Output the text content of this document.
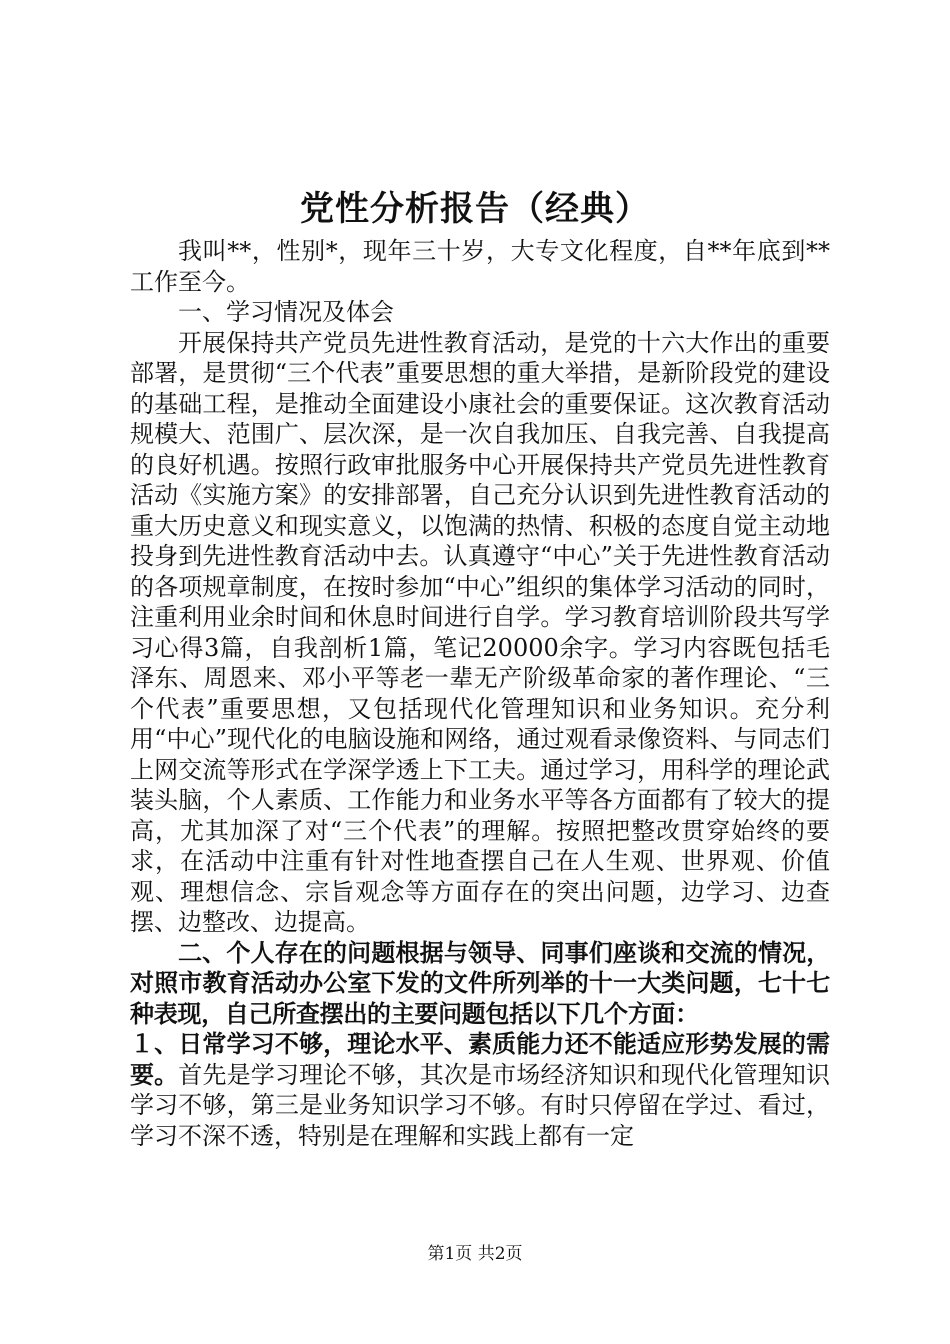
党性分析报告（经典）

我叫**，性别*，现年三十岁，大专文化程度，自**年底到**工作至今。

一、学习情况及体会

开展保持共产党员先进性教育活动，是党的十六大作出的重要部署，是贯彻“三个代表”重要思想的重大举措，是新阶段党的建设的基础工程，是推动全面建设小康社会的重要保证。这次教育活动规模大、范围广、层次深，是一次自我加压、自我完善、自我提高的良好机遇。按照行政审批服务中心开展保持共产党员先进性教育活动《实施方案》的安排部署，自己充分认识到先进性教育活动的重大历史意义和现实意义，以饱满的热情、积极的态度自觉主动地投身到先进性教育活动中去。认真遵守“中心”关于先进性教育活动的各项规章制度，在按时参加“中心”组织的集体学习活动的同时，注重利用业余时间和休息时间进行自学。学习教育培训阶段共写学习心得3篇，自我剖析1篇，笔记20000余字。学习内容既包括毛泽东、周恩来、邓小平等老一辈无产阶级革命家的著作理论、“三个代表”重要思想，又包括现代化管理知识和业务知识。充分利用“中心”现代化的电脑设施和网络，通过观看录像资料、与同志们上网交流等形式在学深学透上下工夫。通过学习，用科学的理论武装头脑，个人素质、工作能力和业务水平等各方面都有了较大的提高，尤其加深了对“三个代表”的理解。按照把整改贯穿始终的要求，在活动中注重有针对性地查摆自己在人生观、世界观、价值观、理想信念、宗旨观念等方面存在的突出问题，边学习、边查摆、边整改、边提高。

二、个人存在的问题根据与领导、同事们座谈和交流的情况，对照市教育活动办公室下发的文件所列举的十一大类问题，七十七种表现，自己所查摆出的主要问题包括以下几个方面：

１、日常学习不够，理论水平、素质能力还不能适应形势发展的需要。首先是学习理论不够，其次是市场经济知识和现代化管理知识学习不够，第三是业务知识学习不够。有时只停留在学过、看过，学习不深不透，特别是在理解和实践上都有一定

第1页 共2页
